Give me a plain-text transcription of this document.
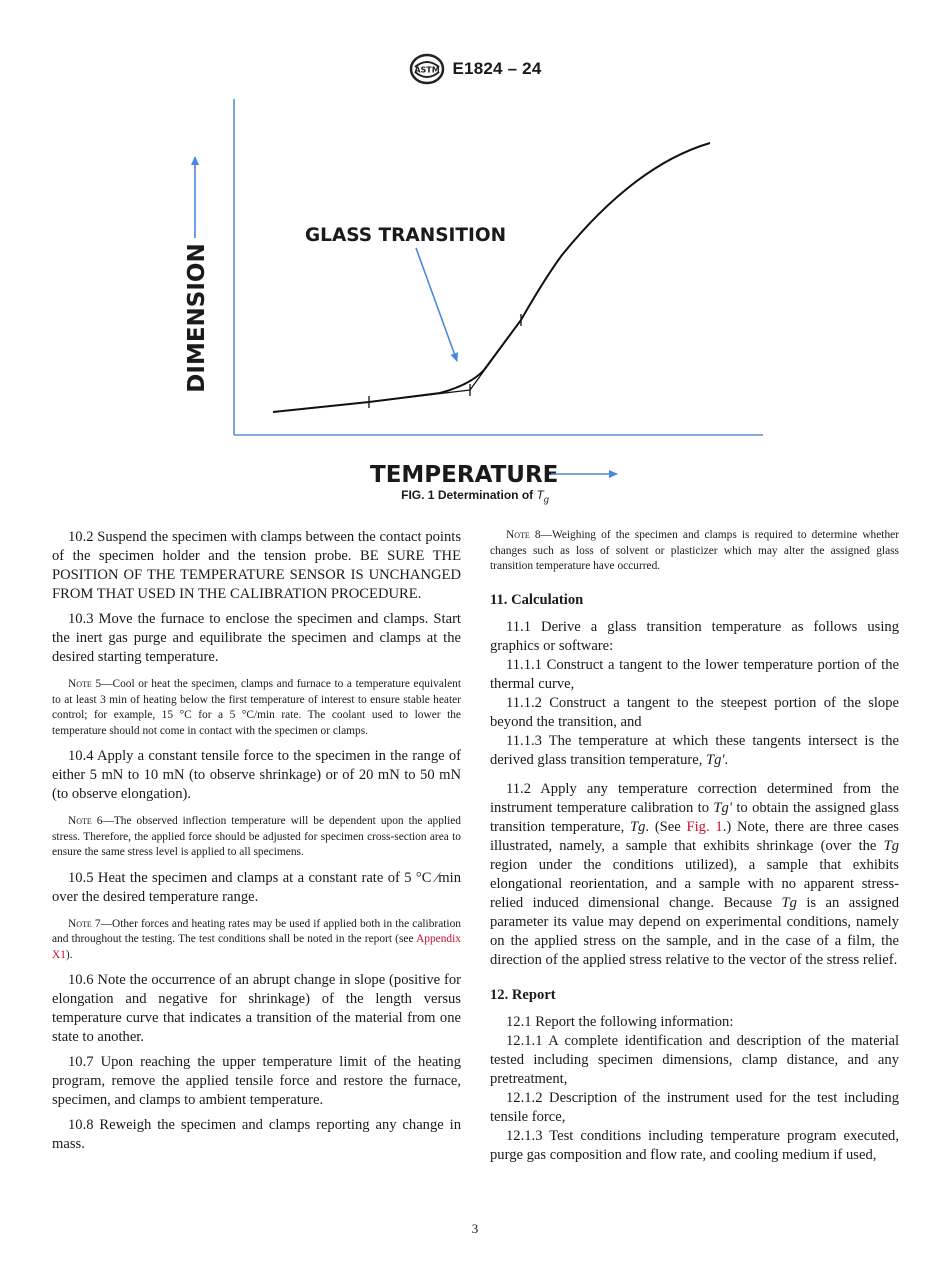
ASTM E1824 – 24
GLASS TRANSITION
DIMENSION
TEMPERATURE
FIG. 1 Determination of $T_g$

10.2 Suspend the specimen with clamps between the contact points of the specimen holder and the tension probe. BE SURE THE POSITION OF THE TEMPERATURE SENSOR IS UNCHANGED FROM THAT USED IN THE CALIBRATION PROCEDURE.

10.3 Move the furnace to enclose the specimen and clamps. Start the inert gas purge and equilibrate the specimen and clamps at the desired starting temperature.

Note 5—Cool or heat the specimen, clamps and furnace to a temperature equivalent to at least 3 min of heating below the first temperature of interest to ensure stable heater control; for example, 15 °C for a 5 °C/min rate. The coolant used to lower the temperature should not come in contact with the specimen or clamps.

10.4 Apply a constant tensile force to the specimen in the range of either 5 mN to 10 mN (to observe shrinkage) or of 20 mN to 50 mN (to observe elongation).

Note 6—The observed inflection temperature will be dependent upon the applied stress. Therefore, the applied force should be adjusted for specimen cross-section area to ensure the same stress level is applied to all specimens.

10.5 Heat the specimen and clamps at a constant rate of 5 °C ⁄min over the desired temperature range.

Note 7—Other forces and heating rates may be used if applied both in the calibration and throughout the testing. The test conditions shall be noted in the report (see Appendix X1).

10.6 Note the occurrence of an abrupt change in slope (positive for elongation and negative for shrinkage) of the length versus temperature curve that indicates a transition of the material from one state to another.

10.7 Upon reaching the upper temperature limit of the heating program, remove the applied tensile force and restore the furnace, specimen, and clamps to ambient temperature.

10.8 Reweigh the specimen and clamps reporting any change in mass.

Note 8—Weighing of the specimen and clamps is required to determine whether changes such as loss of solvent or plasticizer which may alter the assigned glass transition temperature have occurred.

11. Calculation

11.1 Derive a glass transition temperature as follows using graphics or software:

11.1.1 Construct a tangent to the lower temperature portion of the thermal curve,

11.1.2 Construct a tangent to the steepest portion of the slope beyond the transition, and

11.1.3 The temperature at which these tangents intersect is the derived glass transition temperature, Tg'.

11.2 Apply any temperature correction determined from the instrument temperature calibration to Tg' to obtain the assigned glass transition temperature, Tg. (See Fig. 1.) Note, there are three cases illustrated, namely, a sample that exhibits shrinkage (over the Tg region under the conditions utilized), a sample that exhibits elongational reorientation, and a sample with no apparent stress-relied induced dimensional change. Because Tg is an assigned parameter its value may depend on experimental conditions, namely on the applied stress on the sample, and in the case of a film, the direction of the applied stress relative to the vector of the stress relief.

12. Report

12.1 Report the following information:

12.1.1 A complete identification and description of the material tested including specimen dimensions, clamp distance, and any pretreatment,

12.1.2 Description of the instrument used for the test including tensile force,

12.1.3 Test conditions including temperature program executed, purge gas composition and flow rate, and cooling medium if used,

3
